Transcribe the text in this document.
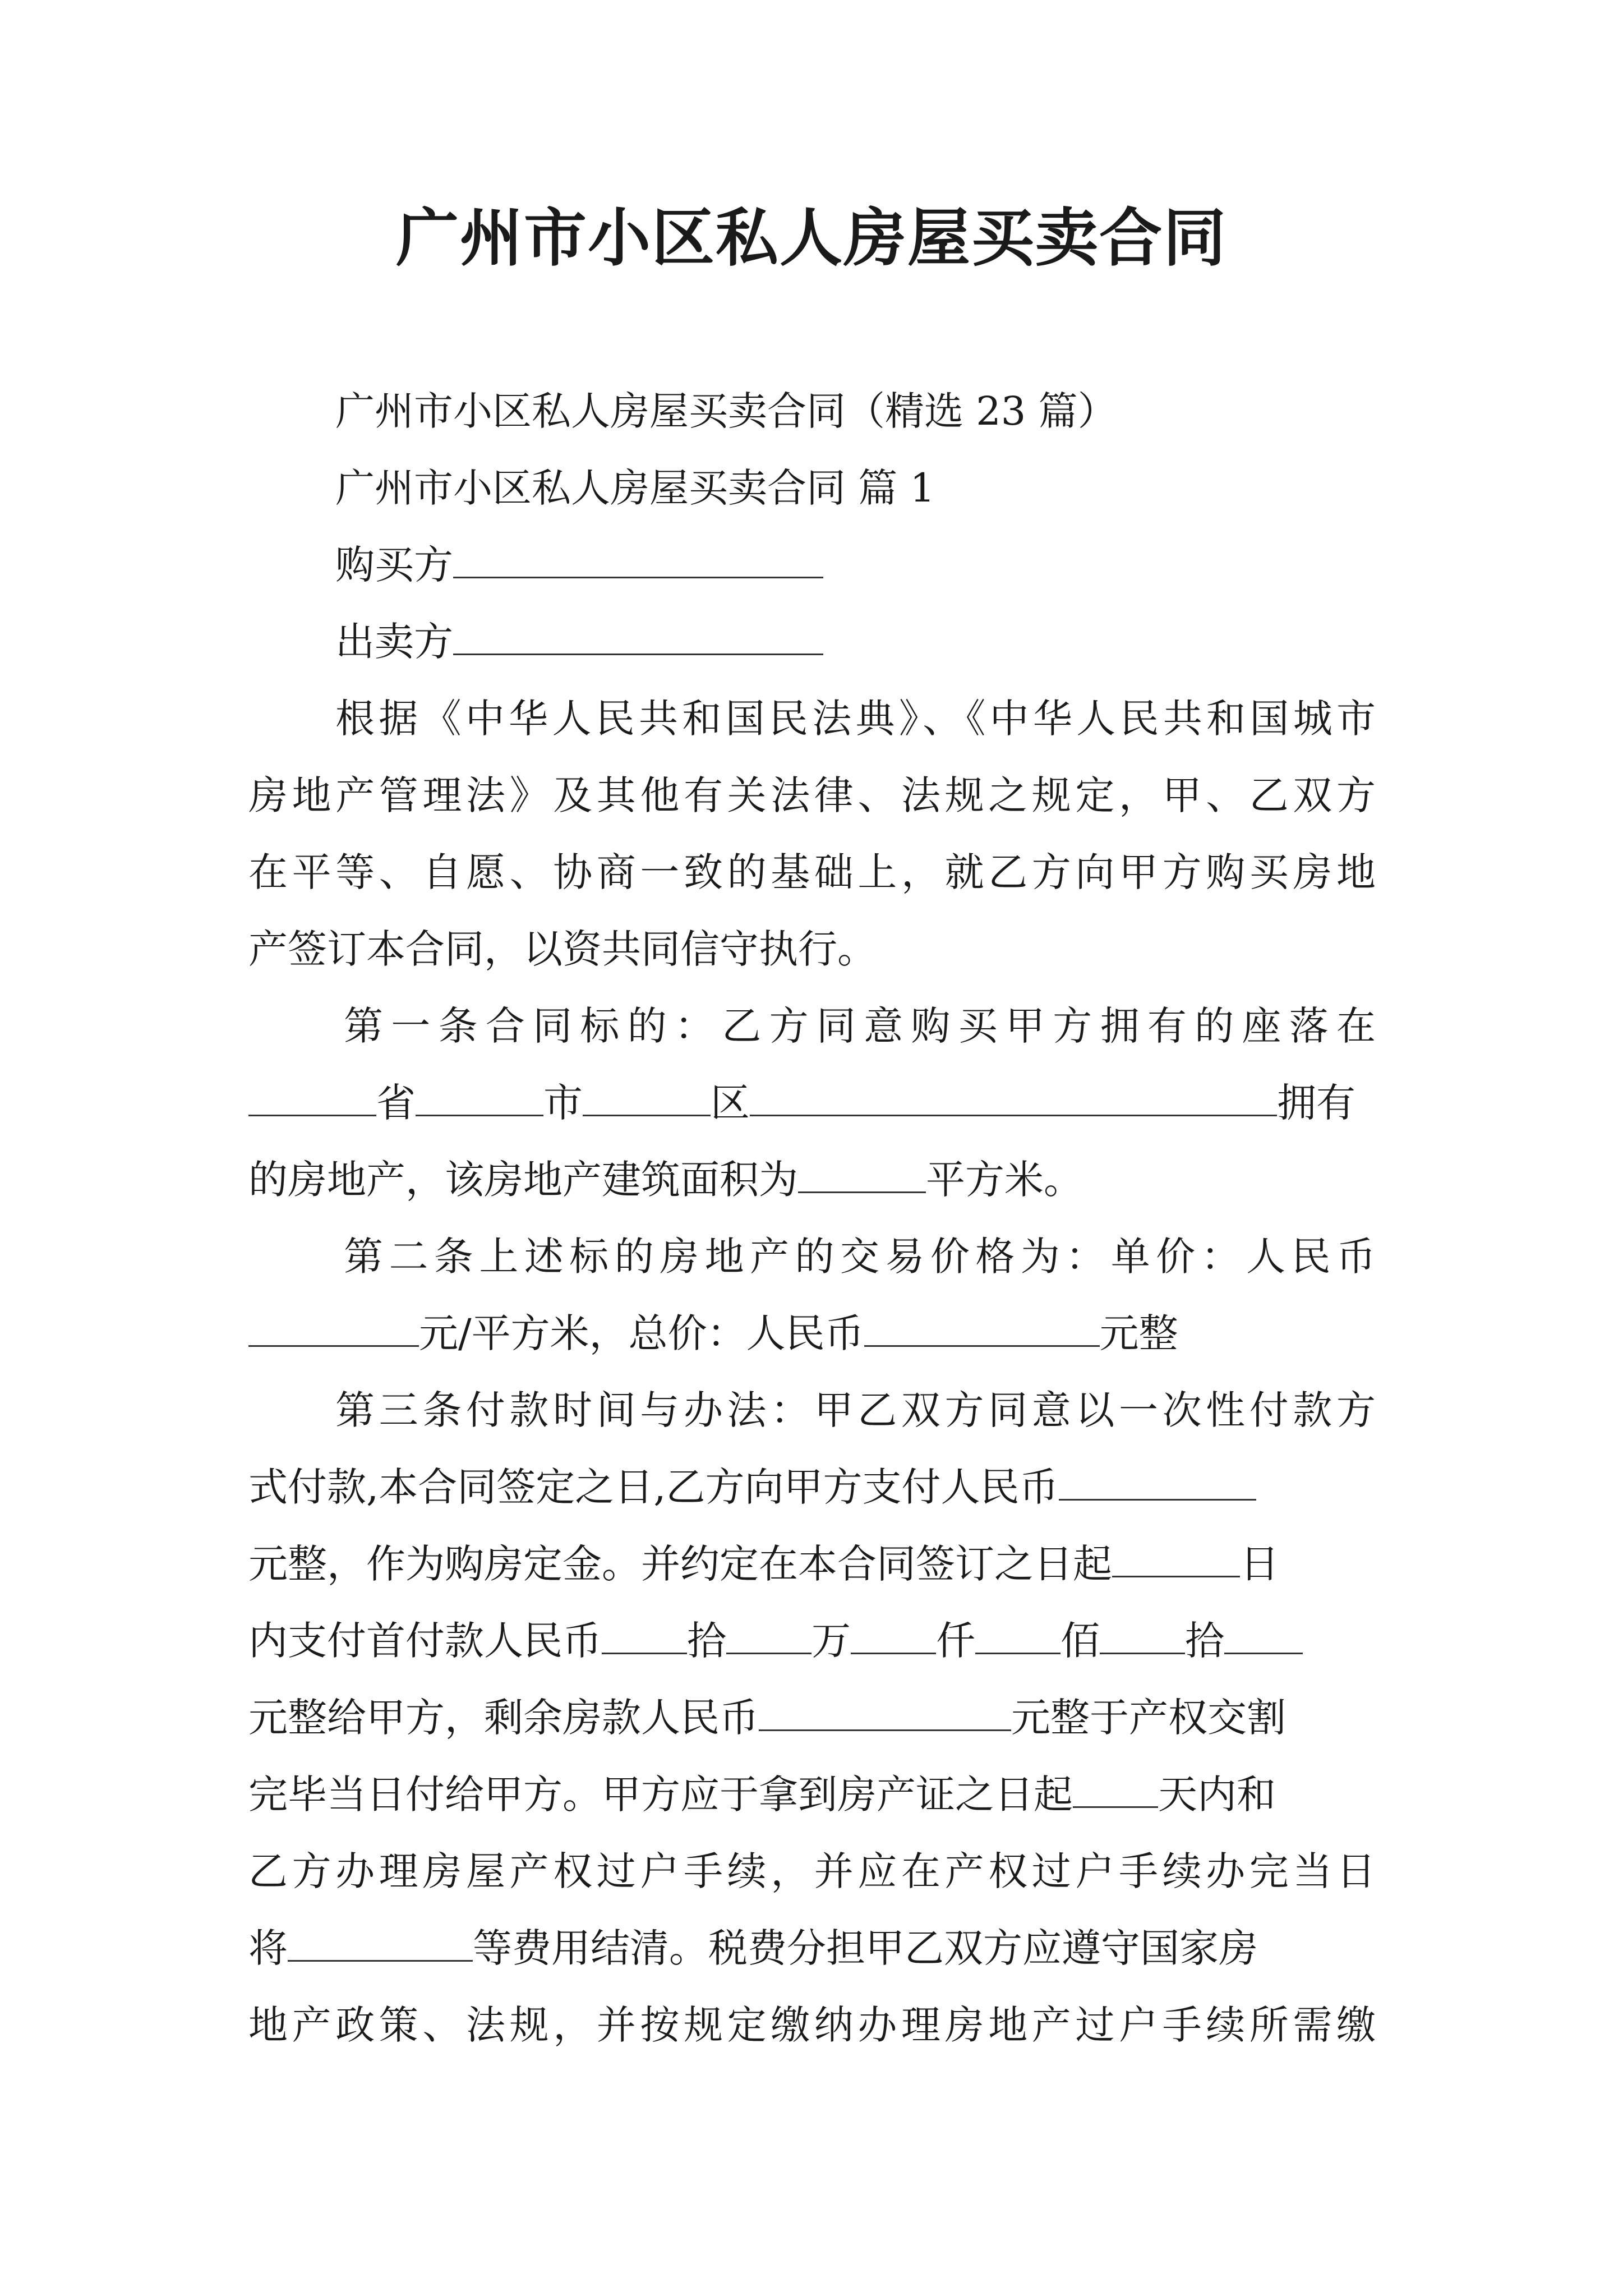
广州市小区私人房屋买卖合同
广州市小区私人房屋买卖合同（精选 23 篇）
广州市小区私人房屋买卖合同 篇 1
购买方
出卖方
根据《中华人民共和国民法典》、《中华人民共和国城市
房地产管理法》及其他有关法律、法规之规定，甲、乙双方
在平等、自愿、协商一致的基础上，就乙方向甲方购买房地
产签订本合同，以资共同信守执行。
第一条合同标的：乙方同意购买甲方拥有的座落在
省	市	区	拥有
的房地产，该房地产建筑面积为	平方米。
第二条上述标的房地产的交易价格为：单价：人民币
元/平方米，总价：人民币	元整
第三条付款时间与办法：甲乙双方同意以一次性付款方
式付款,本合同签定之日,乙方向甲方支付人民币
元整，作为购房定金。并约定在本合同签订之日起	日
内支付首付款人民币 拾 万 仟 佰 拾
元整给甲方，剩余房款人民币	元整于产权交割
完毕当日付给甲方。甲方应于拿到房产证之日起 天内和
乙方办理房屋产权过户手续，并应在产权过户手续办完当日
将	等费用结清。税费分担甲乙双方应遵守国家房
地产政策、法规，并按规定缴纳办理房地产过户手续所需缴
